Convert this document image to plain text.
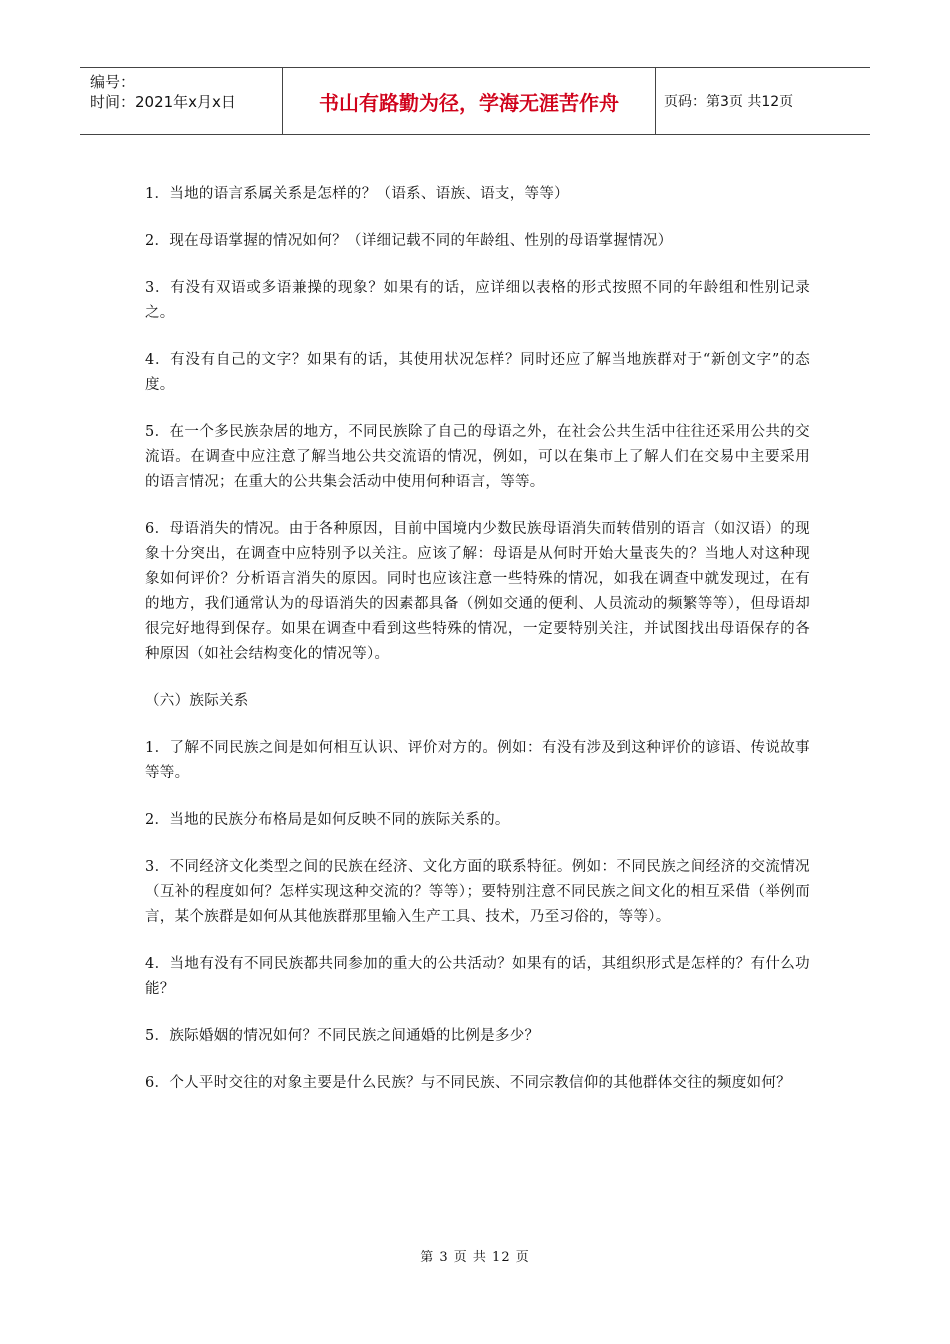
编号：
时间：2021年x月x日	书山有路勤为径，学海无涯苦作舟	页码：第3页 共12页

1．当地的语言系属关系是怎样的？（语系、语族、语支，等等）

2．现在母语掌握的情况如何？（详细记载不同的年龄组、性别的母语掌握情况）

3．有没有双语或多语兼操的现象？如果有的话，应详细以表格的形式按照不同的年龄组和性别记录之。

4．有没有自己的文字？如果有的话，其使用状况怎样？同时还应了解当地族群对于“新创文字”的态度。

5．在一个多民族杂居的地方，不同民族除了自己的母语之外，在社会公共生活中往往还采用公共的交流语。在调查中应注意了解当地公共交流语的情况，例如，可以在集市上了解人们在交易中主要采用的语言情况；在重大的公共集会活动中使用何种语言，等等。

6．母语消失的情况。由于各种原因，目前中国境内少数民族母语消失而转借别的语言（如汉语）的现象十分突出，在调查中应特别予以关注。应该了解：母语是从何时开始大量丧失的？当地人对这种现象如何评价？分析语言消失的原因。同时也应该注意一些特殊的情况，如我在调查中就发现过，在有的地方，我们通常认为的母语消失的因素都具备（例如交通的便利、人员流动的频繁等等），但母语却很完好地得到保存。如果在调查中看到这些特殊的情况，一定要特别关注，并试图找出母语保存的各种原因（如社会结构变化的情况等）。

（六）族际关系

1．了解不同民族之间是如何相互认识、评价对方的。例如：有没有涉及到这种评价的谚语、传说故事等等。

2．当地的民族分布格局是如何反映不同的族际关系的。

3．不同经济文化类型之间的民族在经济、文化方面的联系特征。例如：不同民族之间经济的交流情况（互补的程度如何？怎样实现这种交流的？等等）；要特别注意不同民族之间文化的相互采借（举例而言，某个族群是如何从其他族群那里输入生产工具、技术，乃至习俗的，等等）。

4．当地有没有不同民族都共同参加的重大的公共活动？如果有的话，其组织形式是怎样的？有什么功能？

5．族际婚姻的情况如何？不同民族之间通婚的比例是多少？

6．个人平时交往的对象主要是什么民族？与不同民族、不同宗教信仰的其他群体交往的频度如何？

第 3 页 共 12 页
